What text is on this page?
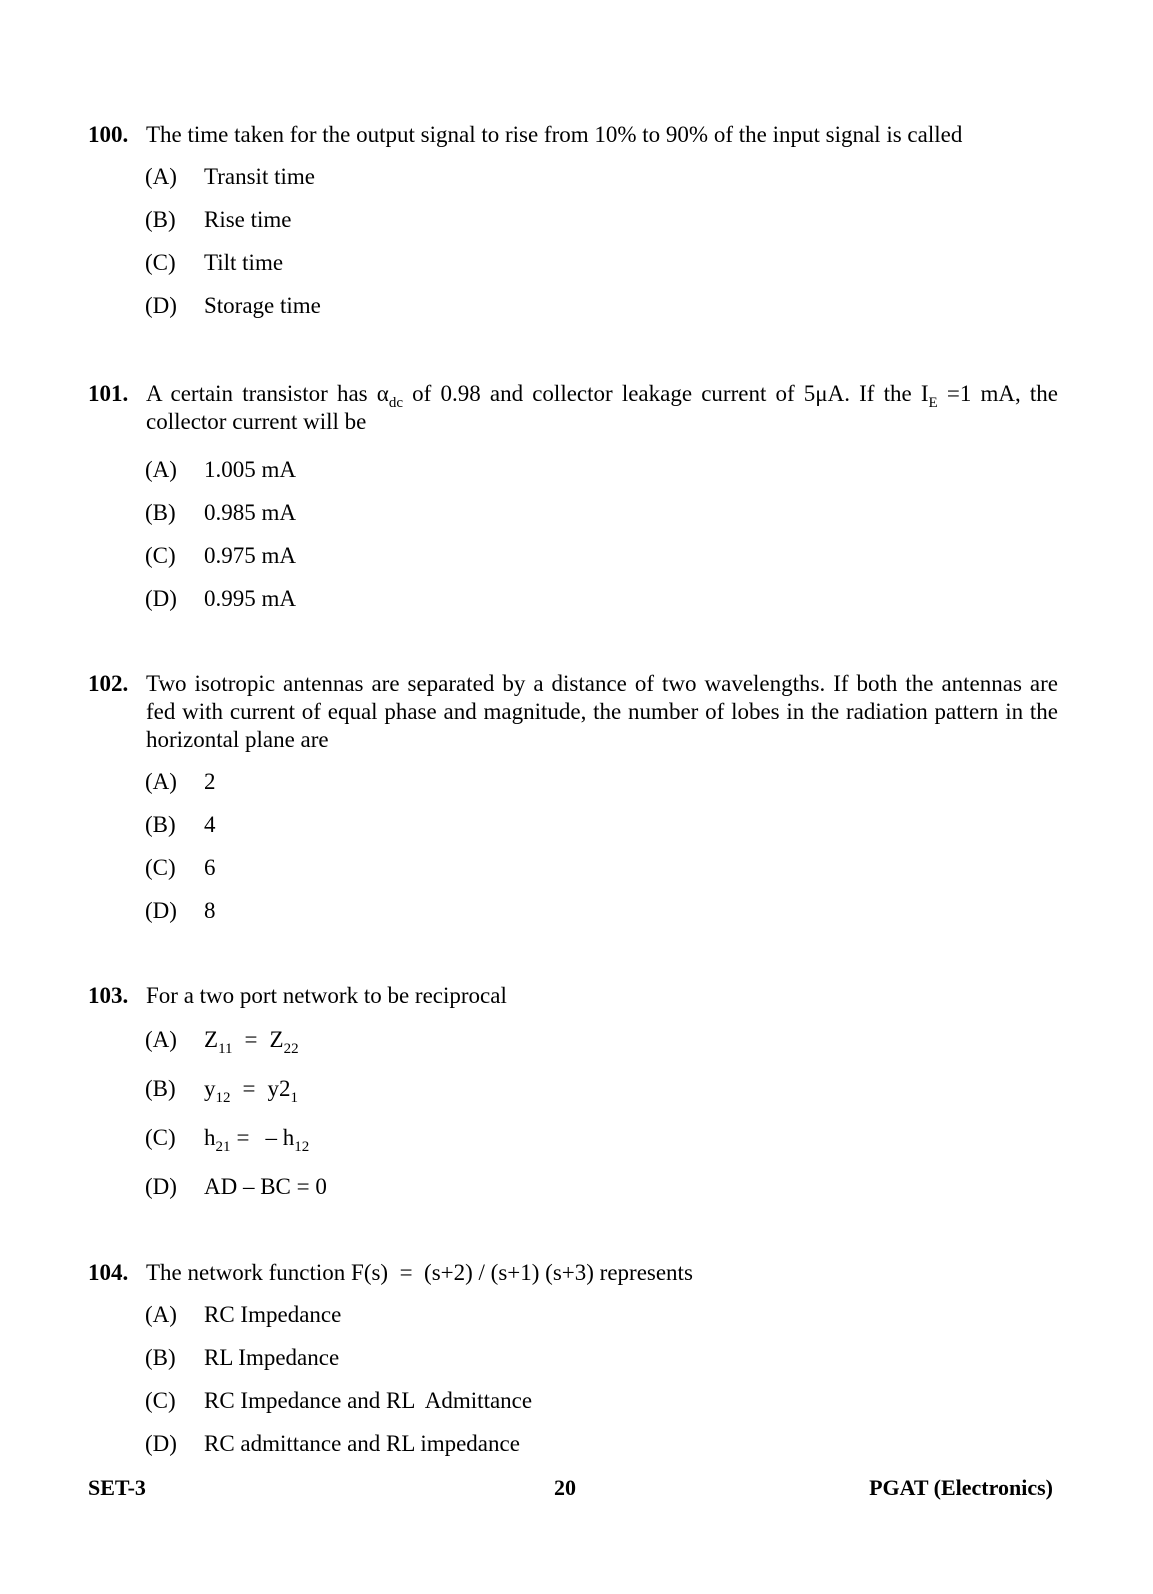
100. The time taken for the output signal to rise from 10% to 90% of the input signal is called
(A) Transit time
(B) Rise time
(C) Tilt time
(D) Storage time
101. A certain transistor has $\alpha_{dc}$ of 0.98 and collector leakage current of 5μA. If the $I_E =1$ mA, the collector current will be
(A) 1.005 mA
(B) 0.985 mA
(C) 0.975 mA
(D) 0.995 mA
102. Two isotropic antennas are separated by a distance of two wavelengths. If both the antennas are fed with current of equal phase and magnitude, the number of lobes in the radiation pattern in the horizontal plane are
(A) 2
(B) 4
(C) 6
(D) 8
103. For a two port network to be reciprocal
(A) $Z_{11} = Z_{22}$
(B) $y_{12} = y2_1$
(C) $h_{21}$ = – $h_{12}$
(D) AD – BC = 0
104. The network function F(s)  =  (s+2) / (s+1) (s+3) represents
(A) RC Impedance
(B) RL Impedance
(C) RC Impedance and RL  Admittance
(D) RC admittance and RL impedance
SET-3	20	PGAT (Electronics)
